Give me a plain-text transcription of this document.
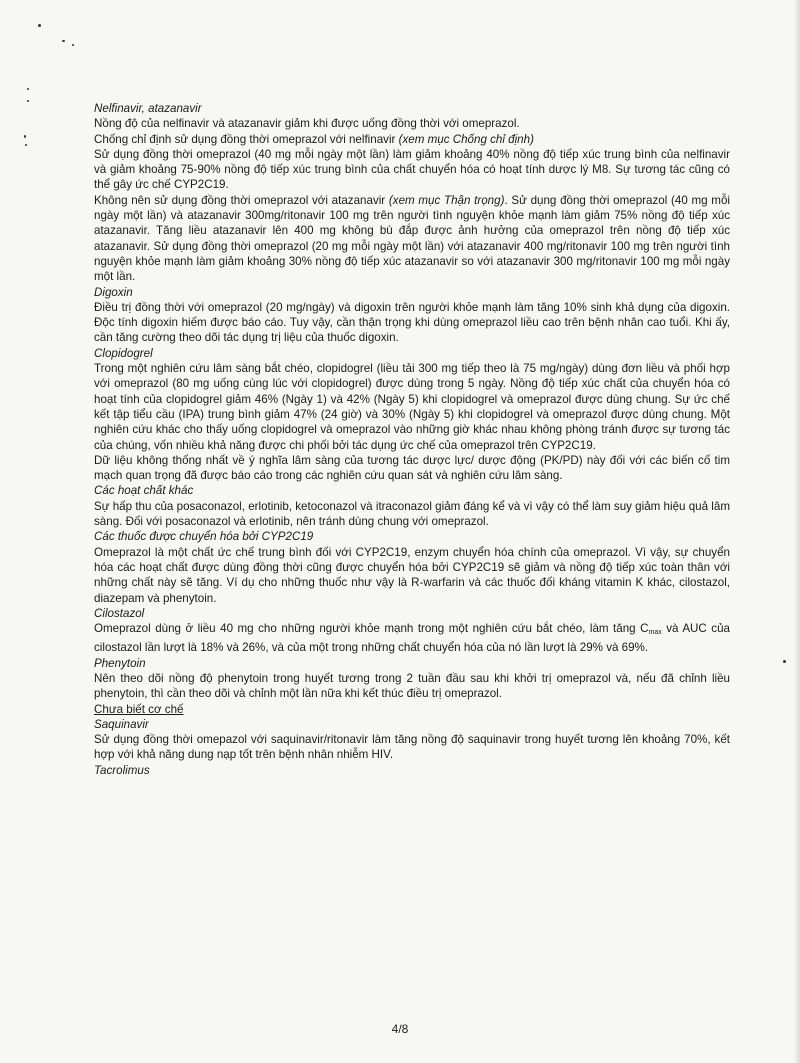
Nelfinavir, atazanavir

Nồng độ của nelfinavir và atazanavir giảm khi được uống đồng thời với omeprazol.

Chống chỉ định sử dụng đồng thời omeprazol với nelfinavir (xem mục Chống chỉ định)

Sử dụng đồng thời omeprazol (40 mg mỗi ngày một lần) làm giảm khoảng 40% nồng độ tiếp xúc trung bình của nelfinavir và giảm khoảng 75-90% nồng độ tiếp xúc trung bình của chất chuyển hóa có hoạt tính dược lý M8. Sự tương tác cũng có thể gây ức chế CYP2C19.

Không nên sử dụng đồng thời omeprazol với atazanavir (xem mục Thận trọng). Sử dụng đồng thời omeprazol (40 mg mỗi ngày một lần) và atazanavir 300mg/ritonavir 100 mg trên người tình nguyện khỏe mạnh làm giảm 75% nồng độ tiếp xúc atazanavir. Tăng liều atazanavir lên 400 mg không bù đắp được ảnh hưởng của omeprazol trên nồng độ tiếp xúc atazanavir. Sử dụng đồng thời omeprazol (20 mg mỗi ngày một lần) với atazanavir 400 mg/ritonavir 100 mg trên người tình nguyện khỏe mạnh làm giảm khoảng 30% nồng độ tiếp xúc atazanavir so với atazanavir 300 mg/ritonavir 100 mg mỗi ngày một lần.

Digoxin

Điều trị đồng thời với omeprazol (20 mg/ngày) và digoxin trên người khỏe mạnh làm tăng 10% sinh khả dụng của digoxin. Độc tính digoxin hiếm được báo cáo. Tuy vậy, cần thận trọng khi dùng omeprazol liều cao trên bệnh nhân cao tuổi. Khi ấy, cần tăng cường theo dõi tác dụng trị liệu của thuốc digoxin.

Clopidogrel

Trong một nghiên cứu lâm sàng bắt chéo, clopidogrel (liều tải 300 mg tiếp theo là 75 mg/ngày) dùng đơn liều và phối hợp với omeprazol (80 mg uống cùng lúc với clopidogrel) được dùng trong 5 ngày. Nồng độ tiếp xúc chất của chuyển hóa có hoạt tính của clopidogrel giảm 46% (Ngày 1) và 42% (Ngày 5) khi clopidogrel và omeprazol được dùng chung. Sự ức chế kết tập tiểu cầu (IPA) trung bình giảm 47% (24 giờ) và 30% (Ngày 5) khi clopidogrel và omeprazol được dùng chung. Một nghiên cứu khác cho thấy uống clopidogrel và omeprazol vào những giờ khác nhau không phòng tránh được sự tương tác của chúng, vốn nhiều khả năng được chi phối bởi tác dụng ức chế của omeprazol trên CYP2C19.

Dữ liệu không thống nhất về ý nghĩa lâm sàng của tương tác dược lực/ dược động (PK/PD) này đối với các biến cố tim mạch quan trọng đã được báo cáo trong các nghiên cứu quan sát và nghiên cứu lâm sàng.

Các hoạt chất khác

Sự hấp thu của posaconazol, erlotinib, ketoconazol và itraconazol giảm đáng kể và vì vậy có thể làm suy giảm hiệu quả lâm sàng. Đối với posaconazol và erlotinib, nên tránh dùng chung với omeprazol.

Các thuốc được chuyển hóa bởi CYP2C19

Omeprazol là một chất ức chế trung bình đối với CYP2C19, enzym chuyển hóa chính của omeprazol. Vì vậy, sự chuyển hóa các hoạt chất được dùng đồng thời cũng được chuyển hóa bởi CYP2C19 sẽ giảm và nồng độ tiếp xúc toàn thân với những chất này sẽ tăng. Ví dụ cho những thuốc như vậy là R-warfarin và các thuốc đối kháng vitamin K khác, cilostazol, diazepam và phenytoin.

Cilostazol

Omeprazol dùng ở liều 40 mg cho những người khỏe mạnh trong một nghiên cứu bắt chéo, làm tăng $C_{max}$ và AUC của cilostazol lần lượt là 18% và 26%, và của một trong những chất chuyển hóa của nó lần lượt là 29% và 69%.

Phenytoin

Nên theo dõi nồng độ phenytoin trong huyết tương trong 2 tuần đầu sau khi khởi trị omeprazol và, nếu đã chỉnh liều phenytoin, thì cần theo dõi và chỉnh một lần nữa khi kết thúc điều trị omeprazol.

Chưa biết cơ chế

Saquinavir

Sử dụng đồng thời omepazol với saquinavir/ritonavir làm tăng nồng độ saquinavir trong huyết tương lên khoảng 70%, kết hợp với khả năng dung nạp tốt trên bệnh nhân nhiễm HIV.

Tacrolimus

4/8
